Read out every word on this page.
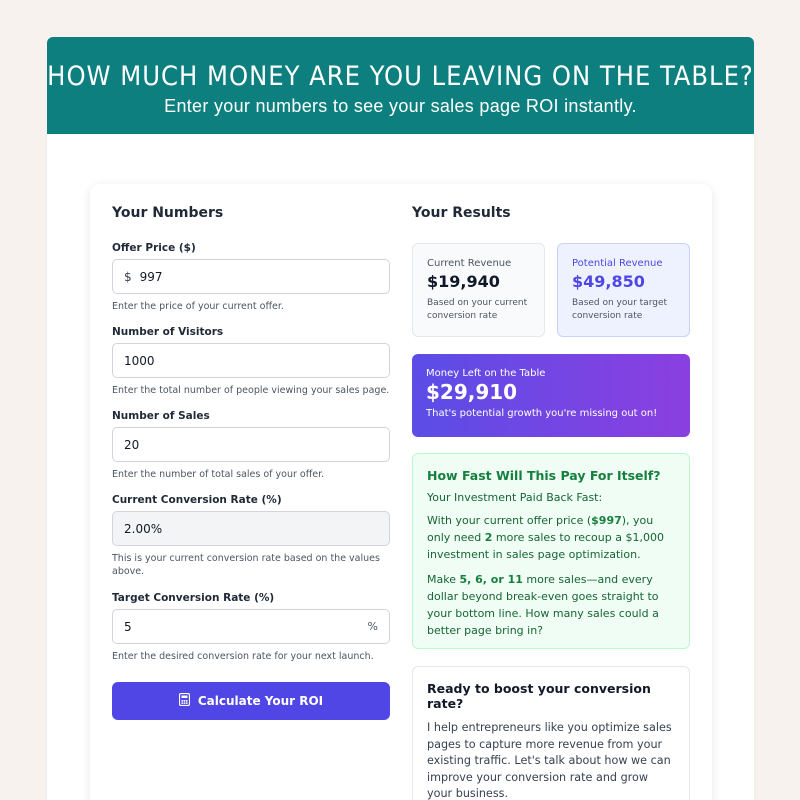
HOW MUCH MONEY ARE YOU LEAVING ON THE TABLE?

Enter your numbers to see your sales page ROI instantly.

Your Numbers
Offer Price ($)
$ 997
Enter the price of your current offer.
Number of Visitors
1000
Enter the total number of people viewing your sales page.
Number of Sales
20
Enter the number of total sales of your offer.
Current Conversion Rate (%)
2.00%
This is your current conversion rate based on the values above.
Target Conversion Rate (%)
5	%
Enter the desired conversion rate for your next launch.
Calculate Your ROI
Your Results
Current Revenue
$19,940
Based on your current conversion rate
Potential Revenue
$49,850
Based on your target conversion rate
Money Left on the Table
$29,910
That's potential growth you're missing out on!
How Fast Will This Pay For Itself?
Your Investment Paid Back Fast:

With your current offer price ($997), you only need 2 more sales to recoup a $1,000 investment in sales page optimization.

Make 5, 6, or 11 more sales—and every dollar beyond break-even goes straight to your bottom line. How many sales could a better page bring in?

Ready to boost your conversion rate?

I help entrepreneurs like you optimize sales pages to capture more revenue from your existing traffic. Let's talk about how we can improve your conversion rate and grow your business.
